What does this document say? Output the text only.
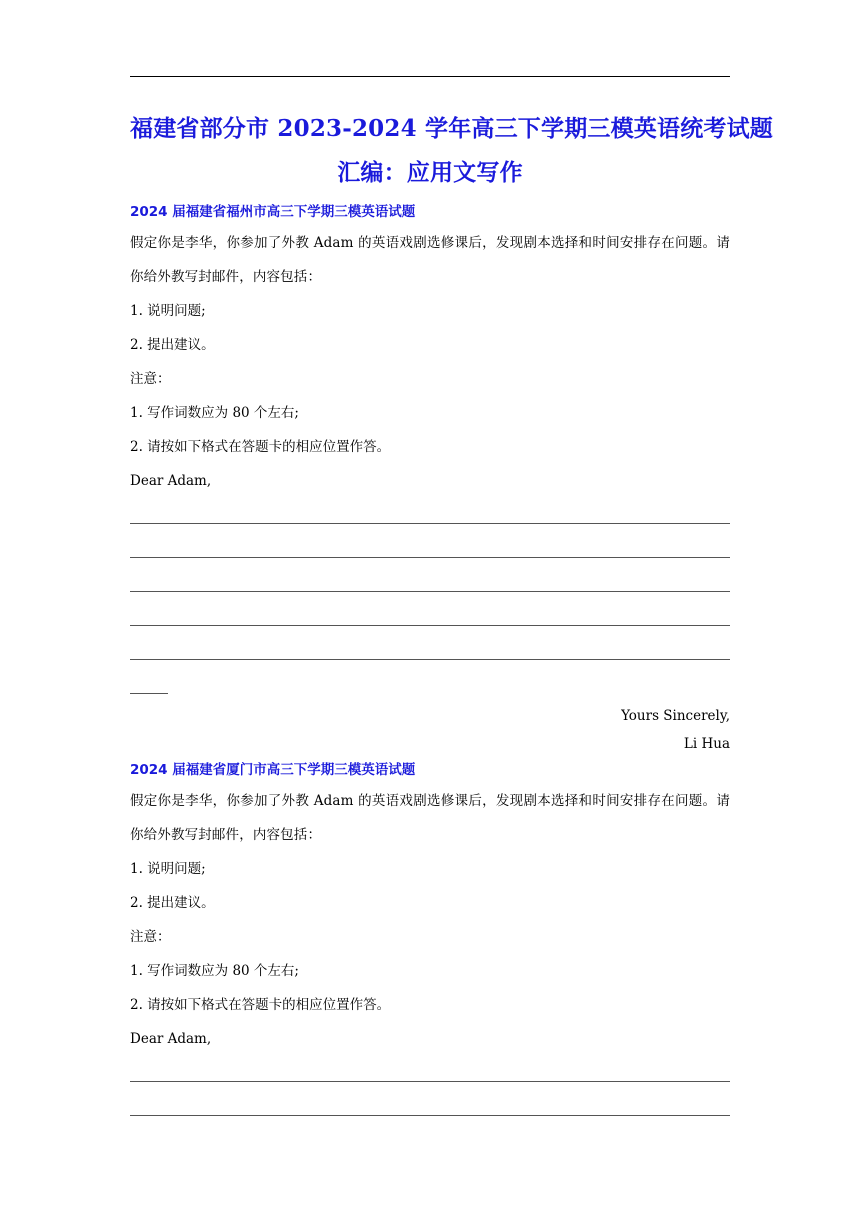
福建省部分市 2023-2024 学年高三下学期三模英语统考试题
汇编：应用文写作
2024 届福建省福州市高三下学期三模英语试题
假定你是李华，你参加了外教 Adam 的英语戏剧选修课后，发现剧本选择和时间安排存在问题。请你给外教写封邮件，内容包括：
1. 说明问题;
2. 提出建议。
注意：
1. 写作词数应为 80 个左右;
2. 请按如下格式在答题卡的相应位置作答。
Dear Adam,
Yours Sincerely,
Li Hua
2024 届福建省厦门市高三下学期三模英语试题
假定你是李华，你参加了外教 Adam 的英语戏剧选修课后，发现剧本选择和时间安排存在问题。请你给外教写封邮件，内容包括：
1. 说明问题;
2. 提出建议。
注意：
1. 写作词数应为 80 个左右;
2. 请按如下格式在答题卡的相应位置作答。
Dear Adam,
